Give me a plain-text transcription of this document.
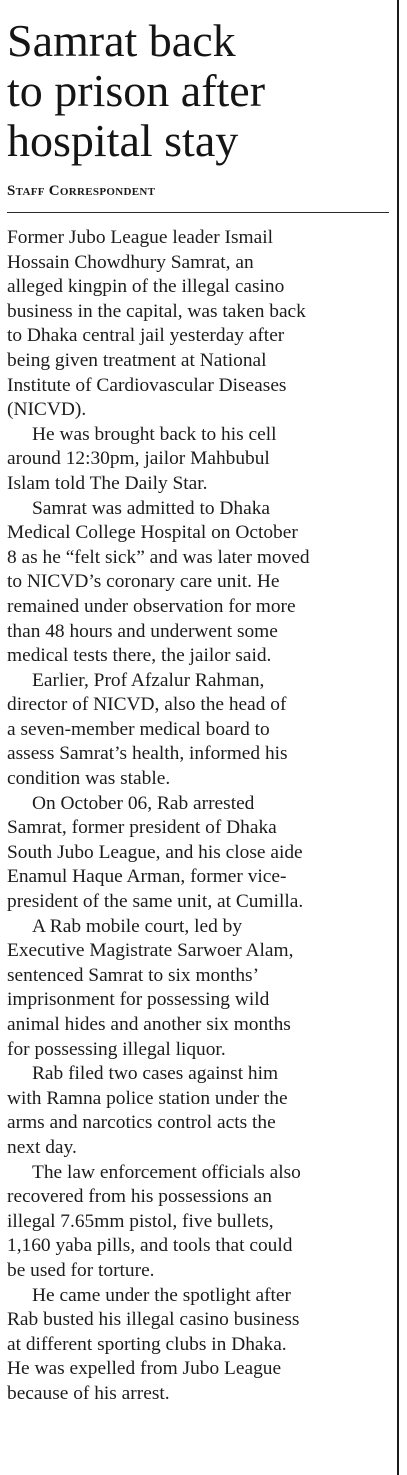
Samrat back
to prison after
hospital stay
Staff Correspondent

Former Jubo League leader Ismail
Hossain Chowdhury Samrat, an
alleged kingpin of the illegal casino
business in the capital, was taken back
to Dhaka central jail yesterday after
being given treatment at National
Institute of Cardiovascular Diseases
(NICVD).

He was brought back to his cell
around 12:30pm, jailor Mahbubul
Islam told The Daily Star.

Samrat was admitted to Dhaka
Medical College Hospital on October
8 as he “felt sick” and was later moved
to NICVD’s coronary care unit. He
remained under observation for more
than 48 hours and underwent some
medical tests there, the jailor said.

Earlier, Prof Afzalur Rahman,
director of NICVD, also the head of
a seven-member medical board to
assess Samrat’s health, informed his
condition was stable.

On October 06, Rab arrested
Samrat, former president of Dhaka
South Jubo League, and his close aide
Enamul Haque Arman, former vice-
president of the same unit, at Cumilla.

A Rab mobile court, led by
Executive Magistrate Sarwoer Alam,
sentenced Samrat to six months’
imprisonment for possessing wild
animal hides and another six months
for possessing illegal liquor.

Rab filed two cases against him
with Ramna police station under the
arms and narcotics control acts the
next day.

The law enforcement officials also
recovered from his possessions an
illegal 7.65mm pistol, five bullets,
1,160 yaba pills, and tools that could
be used for torture.

He came under the spotlight after
Rab busted his illegal casino business
at different sporting clubs in Dhaka.
He was expelled from Jubo League
because of his arrest.
